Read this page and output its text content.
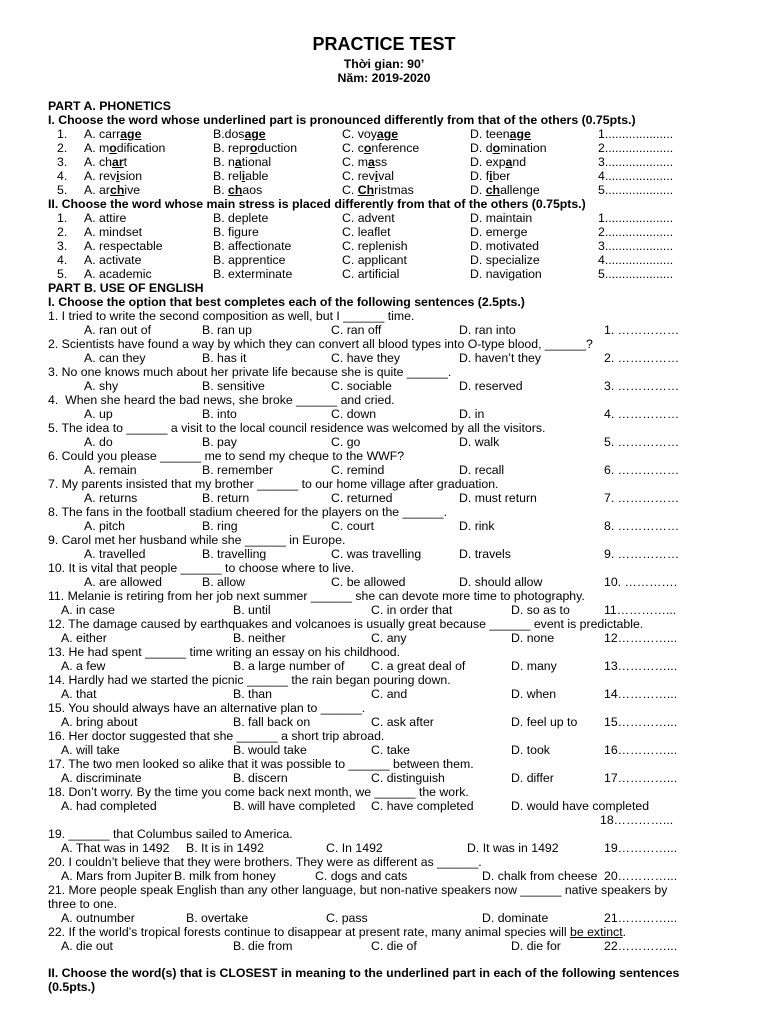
PRACTICE TEST
Thời gian: 90’
Năm: 2019-2020
PART A. PHONETICS
I. Choose the word whose underlined part is pronounced differently from that of the others (0.75pts.)
1. A. carrage	B.dosage	C. voyage	D. teenage	1....................
2. A. modification	B. reproduction	C. conference	D. domination	2....................
3. A. chart	B. national	C. mass	D. expand	3....................
4. A. revision	B. reliable	C. revival	D. fiber	4....................
5. A. archive	B. chaos	C. Christmas	D. challenge	5....................
II. Choose the word whose main stress is placed differently from that of the others (0.75pts.)
1. A. attire	B. deplete	C. advent	D. maintain	1....................
2. A. mindset	B. figure	C. leaflet	D. emerge	2....................
3. A. respectable	B. affectionate	C. replenish	D. motivated	3....................
4. A. activate	B. apprentice	C. applicant	D. specialize	4....................
5. A. academic	B. exterminate	C. artificial	D. navigation	5....................
PART B. USE OF ENGLISH
I. Choose the option that best completes each of the following sentences (2.5pts.)
1. I tried to write the second composition as well, but I ______ time.
A. ran out of	B. ran up	C. ran off	D. ran into	1. ……………
2. Scientists have found a way by which they can convert all blood types into O-type blood, ______?
A. can they	B. has it	C. have they	D. haven’t they	2. ……………
3. No one knows much about her private life because she is quite ______.
A. shy	B. sensitive	C. sociable	D. reserved	3. ……………
4.  When she heard the bad news, she broke ______ and cried.
A. up	B. into	C. down	D. in	4. ……………
5. The idea to ______ a visit to the local council residence was welcomed by all the visitors.
A. do	B. pay	C. go	D. walk	5. ……………
6. Could you please ______ me to send my cheque to the WWF?
A. remain	B. remember	C. remind	D. recall	6. ……………
7. My parents insisted that my brother ______ to our home village after graduation.
A. returns	B. return	C. returned	D. must return	7. ……………
8. The fans in the football stadium cheered for the players on the ______.
A. pitch	B. ring	C. court	D. rink	8. ……………
9. Carol met her husband while she ______ in Europe.
A. travelled	B. travelling	C. was travelling	D. travels	9. ……………
10. It is vital that people ______ to choose where to live.
A. are allowed	B. allow	C. be allowed	D. should allow	10. ………….
11. Melanie is retiring from her job next summer ______ she can devote more time to photography.
A. in case	B. until	C. in order that	D. so as to	11…………...
12. The damage caused by earthquakes and volcanoes is usually great because ______ event is predictable.
A. either	B. neither	C. any	D. none	12…………...
13. He had spent ______ time writing an essay on his childhood.
A. a few	B. a large number of C. a great deal of	D. many	13…………...
14. Hardly had we started the picnic ______ the rain began pouring down.
A. that	B. than	C. and	D. when	14…………...
15. You should always have an alternative plan to ______.
A. bring about	B. fall back on	C. ask after	D. feel up to 15…………...
16. Her doctor suggested that she ______ a short trip abroad.
A. will take	B. would take	C. take	D. took	16…………...
17. The two men looked so alike that it was possible to ______ between them.
A. discriminate	B. discern	C. distinguish	D. differ	17…………...
18. Don’t worry. By the time you come back next month, we ______ the work.
A. had completed	B. will have completed C. have completed	D. would have completed
18…………...
19. ______ that Columbus sailed to America.
A. That was in 1492 B. It is in 1492	C. In 1492	D. It was in 1492	19…………...
20. I couldn’t believe that they were brothers. They were as different as ______.
A. Mars from Jupiter B. milk from honey	C. dogs and cats	D. chalk from cheese 20…………...
21. More people speak English than any other language, but non-native speakers now ______ native speakers by
three to one.
A. outnumber	B. overtake	C. pass	D. dominate	21…………...
22. If the world’s tropical forests continue to disappear at present rate, many animal species will be extinct.
A. die out	B. die from	C. die of	D. die for	22…………...
II. Choose the word(s) that is CLOSEST in meaning to the underlined part in each of the following sentences
(0.5pts.)
